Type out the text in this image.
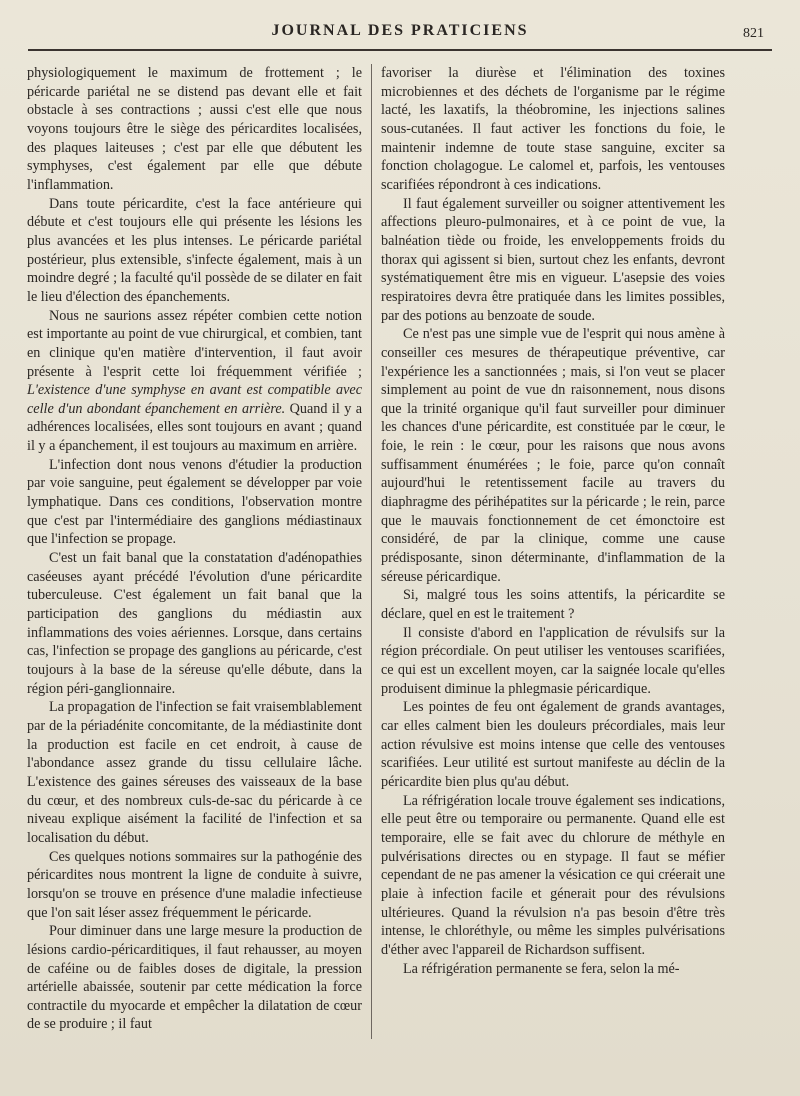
JOURNAL DES PRATICIENS	821

physiologiquement le maximum de frottement ; le péricarde pariétal ne se distend pas devant elle et fait obstacle à ses contractions ; aussi c'est elle que nous voyons toujours être le siège des péricardites localisées, des plaques laiteuses ; c'est par elle que débutent les symphyses, c'est également par elle que débute l'inflammation.

Dans toute péricardite, c'est la face antérieure qui débute et c'est toujours elle qui présente les lésions les plus avancées et les plus intenses. Le péricarde pariétal postérieur, plus extensible, s'infecte également, mais à un moindre degré ; la faculté qu'il possède de se dilater en fait le lieu d'élection des épanchements.

Nous ne saurions assez répéter combien cette notion est importante au point de vue chirurgical, et combien, tant en clinique qu'en matière d'intervention, il faut avoir présente à l'esprit cette loi fréquemment vérifiée ; L'existence d'une symphyse en avant est compatible avec celle d'un abondant épanchement en arrière. Quand il y a adhérences localisées, elles sont toujours en avant ; quand il y a épanchement, il est toujours au maximum en arrière.

L'infection dont nous venons d'étudier la production par voie sanguine, peut également se développer par voie lymphatique. Dans ces conditions, l'observation montre que c'est par l'intermédiaire des ganglions médiastinaux que l'infection se propage.

C'est un fait banal que la constatation d'adénopathies caséeuses ayant précédé l'évolution d'une péricardite tuberculeuse. C'est également un fait banal que la participation des ganglions du médiastin aux inflammations des voies aériennes. Lorsque, dans certains cas, l'infection se propage des ganglions au péricarde, c'est toujours à la base de la séreuse qu'elle débute, dans la région péri-ganglionnaire.

La propagation de l'infection se fait vraisemblablement par de la périadénite concomitante, de la médiastinite dont la production est facile en cet endroit, à cause de l'abondance assez grande du tissu cellulaire lâche. L'existence des gaines séreuses des vaisseaux de la base du cœur, et des nombreux culs-de-sac du péricarde à ce niveau explique aisément la facilité de l'infection et sa localisation du début.

Ces quelques notions sommaires sur la pathogénie des péricardites nous montrent la ligne de conduite à suivre, lorsqu'on se trouve en présence d'une maladie infectieuse que l'on sait léser assez fréquemment le péricarde.

Pour diminuer dans une large mesure la production de lésions cardio-péricarditiques, il faut rehausser, au moyen de caféine ou de faibles doses de digitale, la pression artérielle abaissée, soutenir par cette médication la force contractile du myocarde et empêcher la dilatation de cœur de se produire ; il faut

favoriser la diurèse et l'élimination des toxines microbiennes et des déchets de l'organisme par le régime lacté, les laxatifs, la théobromine, les injections salines sous-cutanées. Il faut activer les fonctions du foie, le maintenir indemne de toute stase sanguine, exciter sa fonction cholagogue. Le calomel et, parfois, les ventouses scarifiées répondront à ces indications.

Il faut également surveiller ou soigner attentivement les affections pleuro-pulmonaires, et à ce point de vue, la balnéation tiède ou froide, les enveloppements froids du thorax qui agissent si bien, surtout chez les enfants, devront systématiquement être mis en vigueur. L'asepsie des voies respiratoires devra être pratiquée dans les limites possibles, par des potions au benzoate de soude.

Ce n'est pas une simple vue de l'esprit qui nous amène à conseiller ces mesures de thérapeutique préventive, car l'expérience les a sanctionnées ; mais, si l'on veut se placer simplement au point de vue dn raisonnement, nous disons que la trinité organique qu'il faut surveiller pour diminuer les chances d'une péricardite, est constituée par le cœur, le foie, le rein : le cœur, pour les raisons que nous avons suffisamment énumérées ; le foie, parce qu'on connaît aujourd'hui le retentissement facile au travers du diaphragme des périhépatites sur la péricarde ; le rein, parce que le mauvais fonctionnement de cet émonctoire est considéré, de par la clinique, comme une cause prédisposante, sinon déterminante, d'inflammation de la séreuse péricardique.

Si, malgré tous les soins attentifs, la péricardite se déclare, quel en est le traitement ?

Il consiste d'abord en l'application de révulsifs sur la région précordiale. On peut utiliser les ventouses scarifiées, ce qui est un excellent moyen, car la saignée locale qu'elles produisent diminue la phlegmasie péricardique.

Les pointes de feu ont également de grands avantages, car elles calment bien les douleurs précordiales, mais leur action révulsive est moins intense que celle des ventouses scarifiées. Leur utilité est surtout manifeste au déclin de la péricardite bien plus qu'au début.

La réfrigération locale trouve également ses indications, elle peut être ou temporaire ou permanente. Quand elle est temporaire, elle se fait avec du chlorure de méthyle en pulvérisations directes ou en stypage. Il faut se méfier cependant de ne pas amener la vésication ce qui créerait une plaie à infection facile et génerait pour des révulsions ultérieures. Quand la révulsion n'a pas besoin d'être très intense, le chloréthyle, ou même les simples pulvérisations d'éther avec l'appareil de Richardson suffisent.

La réfrigération permanente se fera, selon la mé-
